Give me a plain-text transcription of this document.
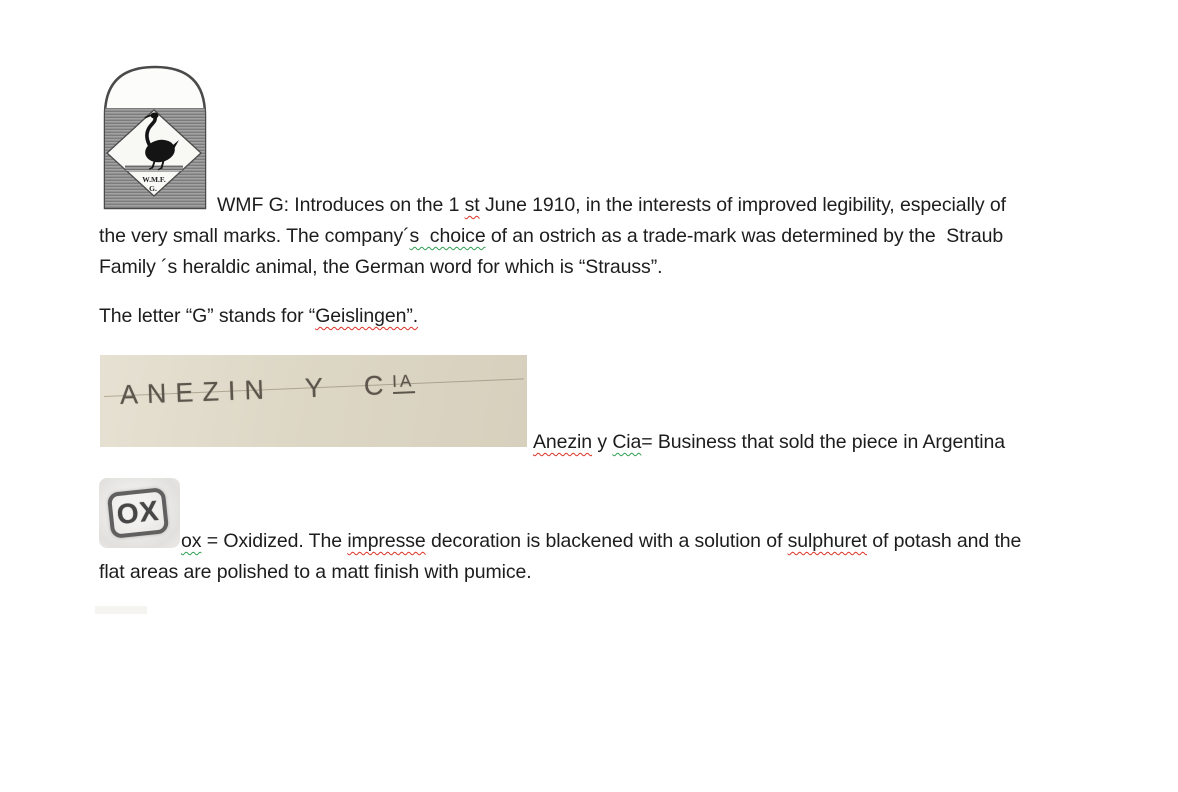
W.M.F.
G.
WMF G: Introduces on the 1 st June 1910, in the interests of improved legibility, especially of
the very small marks. The company´s  choice of an ostrich as a trade-mark was determined by the  Straub
Family ´s heraldic animal, the German word for which is “Strauss”.
The letter “G” stands for “Geislingen”.
ANEZIN Y $C^{IA}$
Anezin y Cia= Business that sold the piece in Argentina
OX
ox = Oxidized. The impresse decoration is blackened with a solution of sulphuret of potash and the
flat areas are polished to a matt finish with pumice.
